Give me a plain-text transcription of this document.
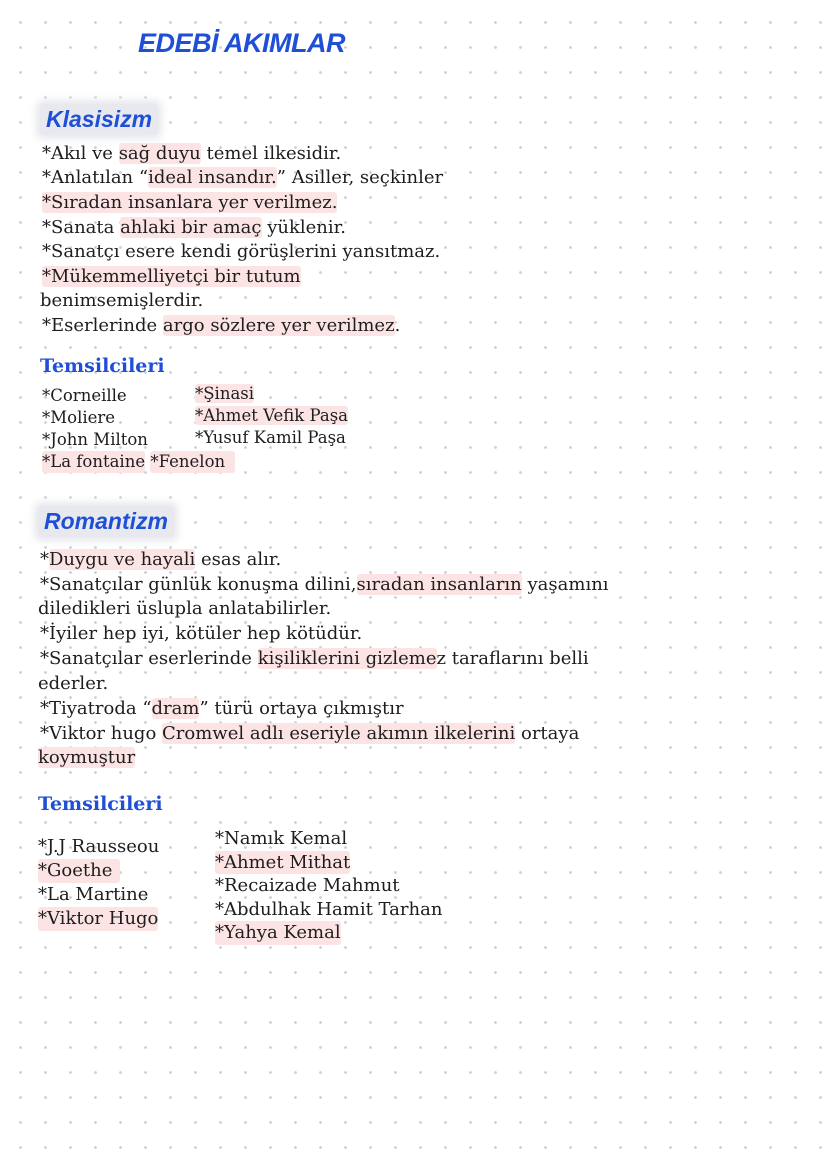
EDEBİ AKIMLAR
Klasisizm
*Akıl ve sağ duyu temel ilkesidir.
*Anlatılan “ideal insandır.” Asiller, seçkinler
*Sıradan insanlara yer verilmez.
*Sanata ahlaki bir amaç yüklenir.
*Sanatçı esere kendi görüşlerini yansıtmaz.
*Mükemmelliyetçi bir tutum
benimsemişlerdir.
*Eserlerinde argo sözlere yer verilmez.
Temsilcileri
*Corneille
*Moliere
*John Milton
*La fontaine *Fenelon
*Şinasi
*Ahmet Vefik Paşa
*Yusuf Kamil Paşa
Romantizm
*Duygu ve hayali esas alır.
*Sanatçılar günlük konuşma dilini,sıradan insanların yaşamını
diledikleri üslupla anlatabilirler.
*İyiler hep iyi, kötüler hep kötüdür.
*Sanatçılar eserlerinde kişiliklerini gizlemez taraflarını belli
ederler.
*Tiyatroda “dram” türü ortaya çıkmıştır
*Viktor hugo Cromwel adlı eseriyle akımın ilkelerini ortaya
koymuştur
Temsilcileri
*J.J Rausseou
*Goethe
*La Martine
*Viktor Hugo
*Namık Kemal
*Ahmet Mithat
*Recaizade Mahmut
*Abdulhak Hamit Tarhan
*Yahya Kemal
